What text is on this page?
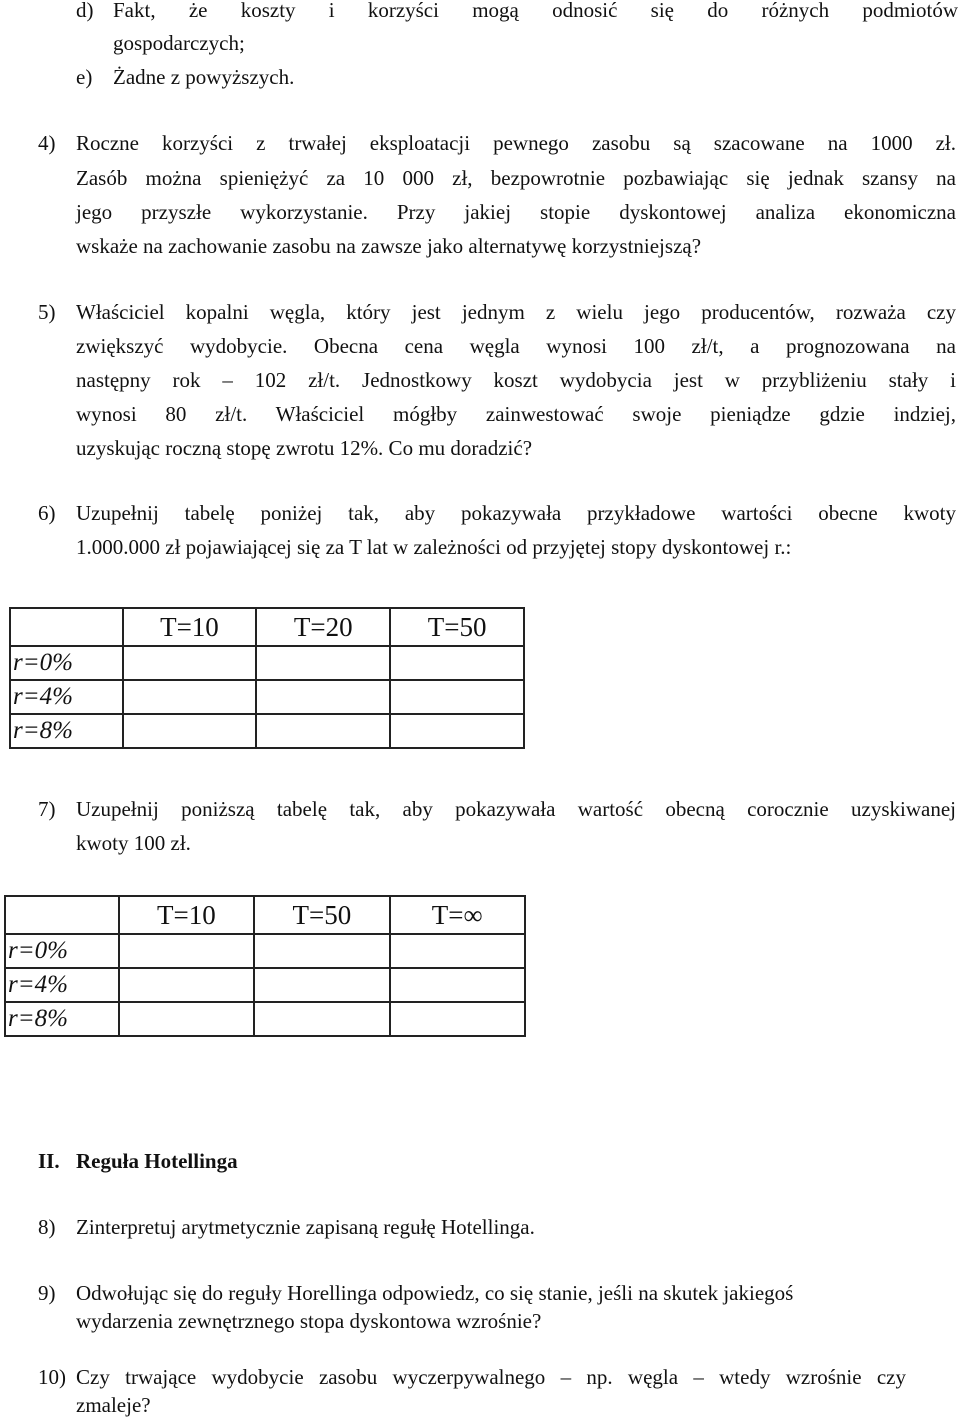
d) Fakt, że koszty i korzyści mogą odnosić się do różnych podmiotów
gospodarczych;
e) Żadne z powyższych.
4) Roczne korzyści z trwałej eksploatacji pewnego zasobu są szacowane na 1000 zł.
Zasób można spieniężyć za 10 000 zł, bezpowrotnie pozbawiając się jednak szansy na
jego przyszłe wykorzystanie. Przy jakiej stopie dyskontowej analiza ekonomiczna
wskaże na zachowanie zasobu na zawsze jako alternatywę korzystniejszą?
5) Właściciel kopalni węgla, który jest jednym z wielu jego producentów, rozważa czy
zwiększyć wydobycie. Obecna cena węgla wynosi 100 zł/t, a prognozowana na
następny rok – 102 zł/t. Jednostkowy koszt wydobycia jest w przybliżeniu stały i
wynosi 80 zł/t. Właściciel mógłby zainwestować swoje pieniądze gdzie indziej,
uzyskując roczną stopę zwrotu 12%. Co mu doradzić?
6) Uzupełnij tabelę poniżej tak, aby pokazywała przykładowe wartości obecne kwoty
1.000.000 zł pojawiającej się za T lat w zależności od przyjętej stopy dyskontowej r.:
	T=10	T=20	T=50
r=0%			
r=4%			
r=8%			
7) Uzupełnij poniższą tabelę tak, aby pokazywała wartość obecną corocznie uzyskiwanej
kwoty 100 zł.
	T=10	T=50	T=∞
r=0%			
r=4%			
r=8%			
II. Reguła Hotellinga
8) Zinterpretuj arytmetycznie zapisaną regułę Hotellinga.
9) Odwołując się do reguły Horellinga odpowiedz, co się stanie, jeśli na skutek jakiegoś
wydarzenia zewnętrznego stopa dyskontowa wzrośnie?
10) Czy trwające wydobycie zasobu wyczerpywalnego – np. węgla – wtedy wzrośnie czy
zmaleje?
